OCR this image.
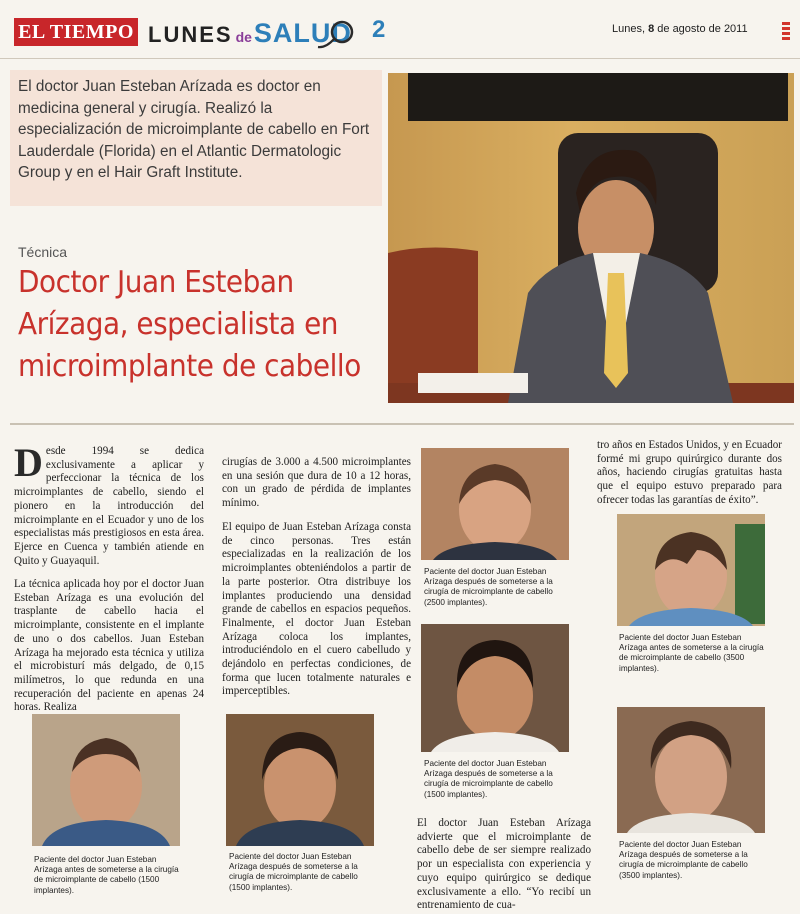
EL TIEMPO LUNES deSALUD 2	Lunes, 8 de agosto de 2011
El doctor Juan Esteban Arízada es doctor en medicina general y cirugía. Realizó la especialización de microimplante de cabello en Fort Lauderdale (Florida) en el Atlantic Dermatologic Group y en el Hair Graft Institute.
Técnica
Doctor Juan Esteban Arízaga, especialista en microimplante de cabello
D esde 1994 se dedica exclusivamente a aplicar y perfeccionar la técnica de los microimplantes de cabello, siendo el pionero en la introducción del microimplante en el Ecuador y uno de los especialistas más prestigiosos en esta área. Ejerce en Cuenca y también atiende en Quito y Guayaquil.

La técnica aplicada hoy por el doctor Juan Esteban Arízaga es una evolución del trasplante de cabello hacia el microimplante, consistente en el implante de uno o dos cabellos. Juan Esteban Arízaga ha mejorado esta técnica y utiliza el microbisturí más delgado, de 0,15 milímetros, lo que redunda en una recuperación del paciente en apenas 24 horas. Realiza

cirugías de 3.000 a 4.500 microimplantes en una sesión que dura de 10 a 12 horas, con un grado de pérdida de implantes mínimo.

El equipo de Juan Esteban Arízaga consta de cinco personas. Tres están especializadas en la realización de los microimplantes obteniéndolos a partir de la parte posterior. Otra distribuye los implantes produciendo una densidad grande de cabellos en espacios pequeños. Finalmente, el doctor Juan Esteban Arízaga coloca los implantes, introduciéndolo en el cuero cabelludo y dejándolo en perfectas condiciones, de forma que lucen totalmente naturales e imperceptibles.

El doctor Juan Esteban Arízaga advierte que el microimplante de cabello debe de ser siempre realizado por un especialista con experiencia y cuyo equipo quirúrgico se dedique exclusivamente a ello. “Yo recibí un entrenamiento de cua-

tro años en Estados Unidos, y en Ecuador formé mi grupo quirúrgico durante dos años, haciendo cirugías gratuitas hasta que el equipo estuvo preparado para ofrecer todas las garantías de éxito”.

Paciente del doctor Juan Esteban Arízaga antes de someterse a la cirugía de microimplante de cabello (1500 implantes).
Paciente del doctor Juan Esteban Arízaga después de someterse a la cirugía de microimplante de cabello (1500 implantes).
Paciente del doctor Juan Esteban Arízaga después de someterse a la cirugía de microimplante de cabello (2500 implantes).
Paciente del doctor Juan Esteban Arízaga después de someterse a la cirugía de microimplante de cabello (1500 implantes).
Paciente del doctor Juan Esteban Arízaga antes de someterse a la cirugía de microimplante de cabello (3500 implantes).
Paciente del doctor Juan Esteban Arízaga después de someterse a la cirugía de microimplante de cabello (3500 implantes).
